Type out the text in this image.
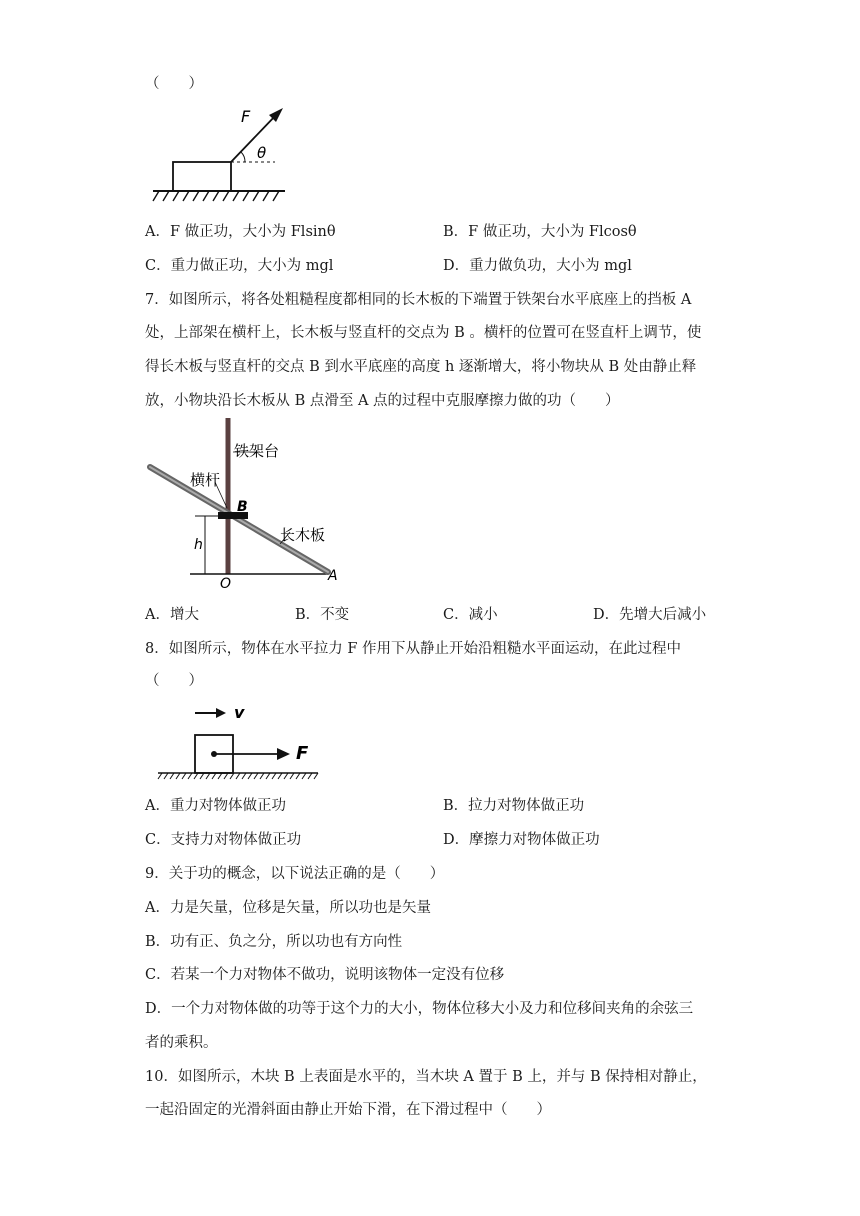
（　　）
F
θ
A．F 做正功，大小为 Flsinθ	B．F 做正功，大小为 Flcosθ
C．重力做正功，大小为 mgl	D．重力做负功，大小为 mgl
7．如图所示，将各处粗糙程度都相同的长木板的下端置于铁架台水平底座上的挡板 A
处，上部架在横杆上，长木板与竖直杆的交点为 B 。横杆的位置可在竖直杆上调节，使
得长木板与竖直杆的交点 B 到水平底座的高度 h 逐渐增大，将小物块从 B 处由静止释
放，小物块沿长木板从 B 点滑至 A 点的过程中克服摩擦力做的功（　　）
铁架台
横杆
长木板
B
h
O	A
A．增大	B．不变	C．减小	D．先增大后减小
8．如图所示，物体在水平拉力 F 作用下从静止开始沿粗糙水平面运动，在此过程中
（　　）
v
F
A．重力对物体做正功	B．拉力对物体做正功
C．支持力对物体做正功	D．摩擦力对物体做正功
9．关于功的概念，以下说法正确的是（　　）
A．力是矢量，位移是矢量，所以功也是矢量
B．功有正、负之分，所以功也有方向性
C．若某一个力对物体不做功，说明该物体一定没有位移
D．一个力对物体做的功等于这个力的大小，物体位移大小及力和位移间夹角的余弦三
者的乘积。
10．如图所示，木块 B 上表面是水平的，当木块 A 置于 B 上，并与 B 保持相对静止，
一起沿固定的光滑斜面由静止开始下滑，在下滑过程中（　　）
